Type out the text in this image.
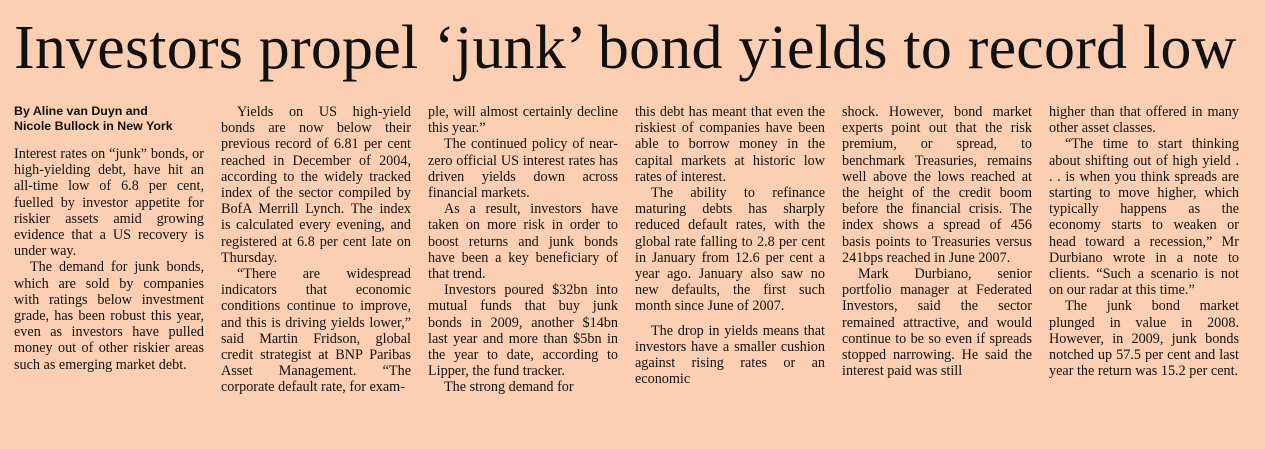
Investors propel ‘junk’ bond yields to record low
By Aline van Duyn and
Nicole Bullock in New York

Interest rates on “junk” bonds, or high-yielding debt, have hit an all-time low of 6.8 per cent, fuelled by investor appetite for riskier assets amid growing evidence that a US recovery is under way.

The demand for junk bonds, which are sold by companies with ratings below investment grade, has been robust this year, even as investors have pulled money out of other riskier areas such as emerging market debt.

Yields on US high-yield bonds are now below their previous record of 6.81 per cent reached in December of 2004, according to the widely tracked index of the sector compiled by BofA Merrill Lynch. The index is calculated every evening, and registered at 6.8 per cent late on Thursday.

“There are widespread indicators that economic conditions continue to improve, and this is driving yields lower,” said Martin Fridson, global credit strategist at BNP Paribas Asset Management. “The corporate default rate, for exam-

ple, will almost certainly decline this year.”

The continued policy of near-zero official US interest rates has driven yields down across financial markets.

As a result, investors have taken on more risk in order to boost returns and junk bonds have been a key beneficiary of that trend.

Investors poured $32bn into mutual funds that buy junk bonds in 2009, another $14bn last year and more than $5bn in the year to date, according to Lipper, the fund tracker.

The strong demand for

this debt has meant that even the riskiest of companies have been able to borrow money in the capital markets at historic low rates of interest.

The ability to refinance maturing debts has sharply reduced default rates, with the global rate falling to 2.8 per cent in January from 12.6 per cent a year ago. January also saw no new defaults, the first such month since June of 2007.

The drop in yields means that investors have a smaller cushion against rising rates or an economic

shock. However, bond market experts point out that the risk premium, or spread, to benchmark Treasuries, remains well above the lows reached at the height of the credit boom before the financial crisis. The index shows a spread of 456 basis points to Treasuries versus 241bps reached in June 2007.

Mark Durbiano, senior portfolio manager at Federated Investors, said the sector remained attractive, and would continue to be so even if spreads stopped narrowing. He said the interest paid was still

higher than that offered in many other asset classes.

“The time to start thinking about shifting out of high yield . . . is when you think spreads are starting to move higher, which typically happens as the economy starts to weaken or head toward a recession,” Mr Durbiano wrote in a note to clients. “Such a scenario is not on our radar at this time.”

The junk bond market plunged in value in 2008. However, in 2009, junk bonds notched up 57.5 per cent and last year the return was 15.2 per cent.
